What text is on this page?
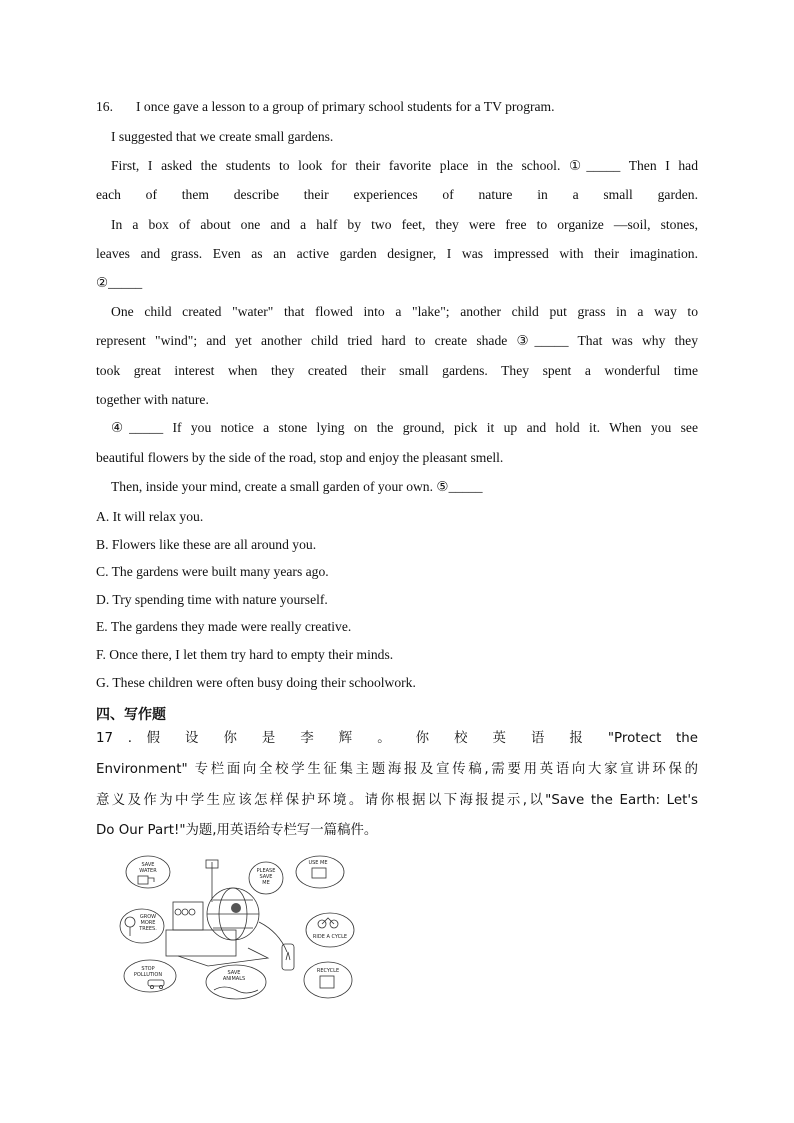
16. I once gave a lesson to a group of primary school students for a TV program.
I suggested that we create small gardens.
First, I asked the students to look for their favorite place in the school. ①_____ Then I had
each of them describe their experiences of nature in a small garden.
In a box of about one and a half by two feet, they were free to organize —soil, stones,
leaves and grass. Even as an active garden designer, I was impressed with their imagination.
②_____
One child created "water" that flowed into a "lake"; another child put grass in a way to
represent "wind"; and yet another child tried hard to create shade ③_____ That was why they
took great interest when they created their small gardens. They spent a wonderful time
together with nature.
④_____ If you notice a stone lying on the ground, pick it up and hold it. When you see
beautiful flowers by the side of the road, stop and enjoy the pleasant smell.
Then, inside your mind, create a small garden of your own. ⑤_____
A. It will relax you.
B. Flowers like these are all around you.
C. The gardens were built many years ago.
D. Try spending time with nature yourself.
E. The gardens they made were really creative.
F. Once there, I let them try hard to empty their minds.
G. These children were often busy doing their schoolwork.
四、写作题
17 . 假 设 你 是 李 辉 。 你 校 英 语 报 "Protect the
Environment" 专栏面向全校学生征集主题海报及宣传稿,需要用英语向大家宣讲环保的
意义及作为中学生应该怎样保护环境。请你根据以下海报提示,以"Save the Earth: Let's
Do Our Part!"为题,用英语给专栏写一篇稿件。
SAVE
WATER
GROW
MORE
TREES.
STOP
POLLUTION	SAVE
ANIMALS
PLEASE
SAVE
ME
USE ME
RIDE A CYCLE
RECYCLE
